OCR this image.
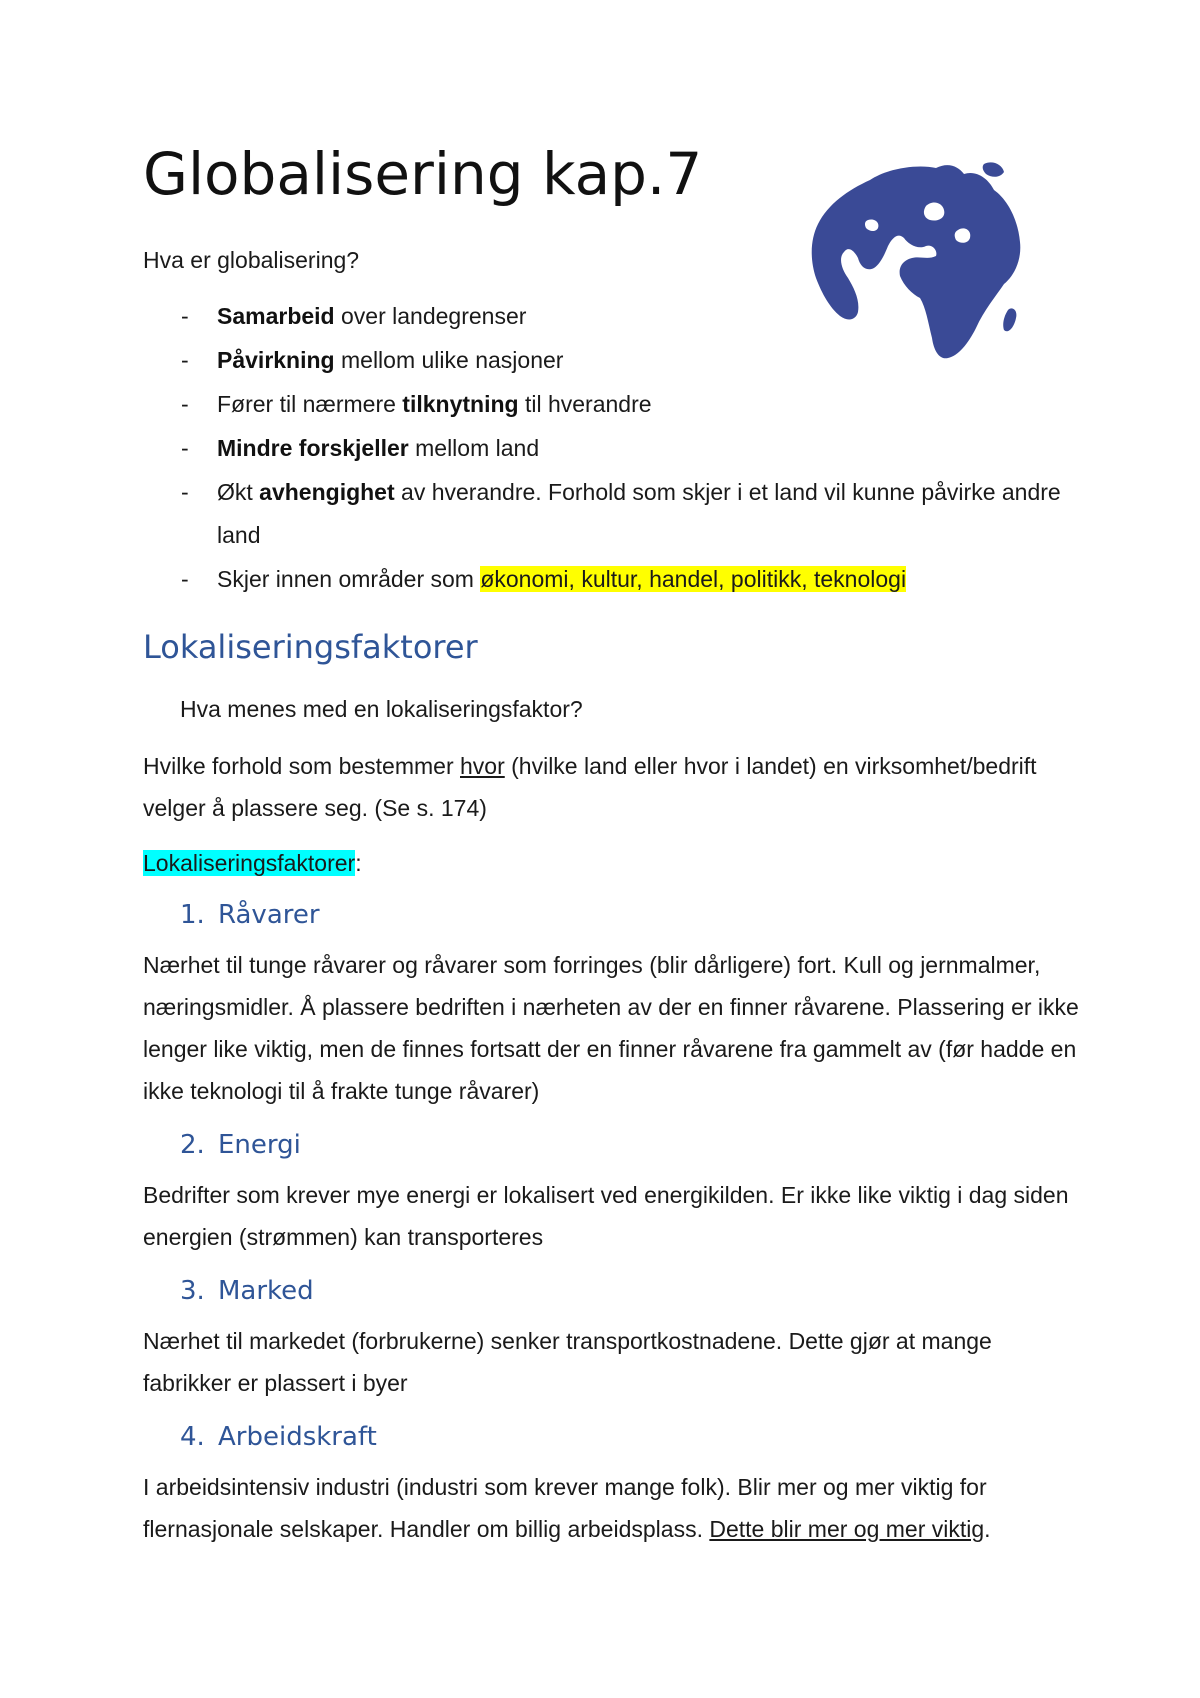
Globalisering kap.7

Hva er globalisering?

- Samarbeid over landegrenser
- Påvirkning mellom ulike nasjoner
- Fører til nærmere tilknytning til hverandre
- Mindre forskjeller mellom land
- Økt avhengighet av hverandre. Forhold som skjer i et land vil kunne påvirke andre land
- Skjer innen områder som økonomi, kultur, handel, politikk, teknologi
Lokaliseringsfaktorer

Hva menes med en lokaliseringsfaktor?

Hvilke forhold som bestemmer hvor (hvilke land eller hvor i landet) en virksomhet/bedrift velger å plassere seg. (Se s. 174)

Lokaliseringsfaktorer:

1. Råvarer

Nærhet til tunge råvarer og råvarer som forringes (blir dårligere) fort. Kull og jernmalmer, næringsmidler. Å plassere bedriften i nærheten av der en finner råvarene. Plassering er ikke lenger like viktig, men de finnes fortsatt der en finner råvarene fra gammelt av (før hadde en ikke teknologi til å frakte tunge råvarer)

2. Energi

Bedrifter som krever mye energi er lokalisert ved energikilden. Er ikke like viktig i dag siden energien (strømmen) kan transporteres

3. Marked

Nærhet til markedet (forbrukerne) senker transportkostnadene. Dette gjør at mange fabrikker er plassert i byer

4. Arbeidskraft

I arbeidsintensiv industri (industri som krever mange folk). Blir mer og mer viktig for flernasjonale selskaper. Handler om billig arbeidsplass. Dette blir mer og mer viktig.
